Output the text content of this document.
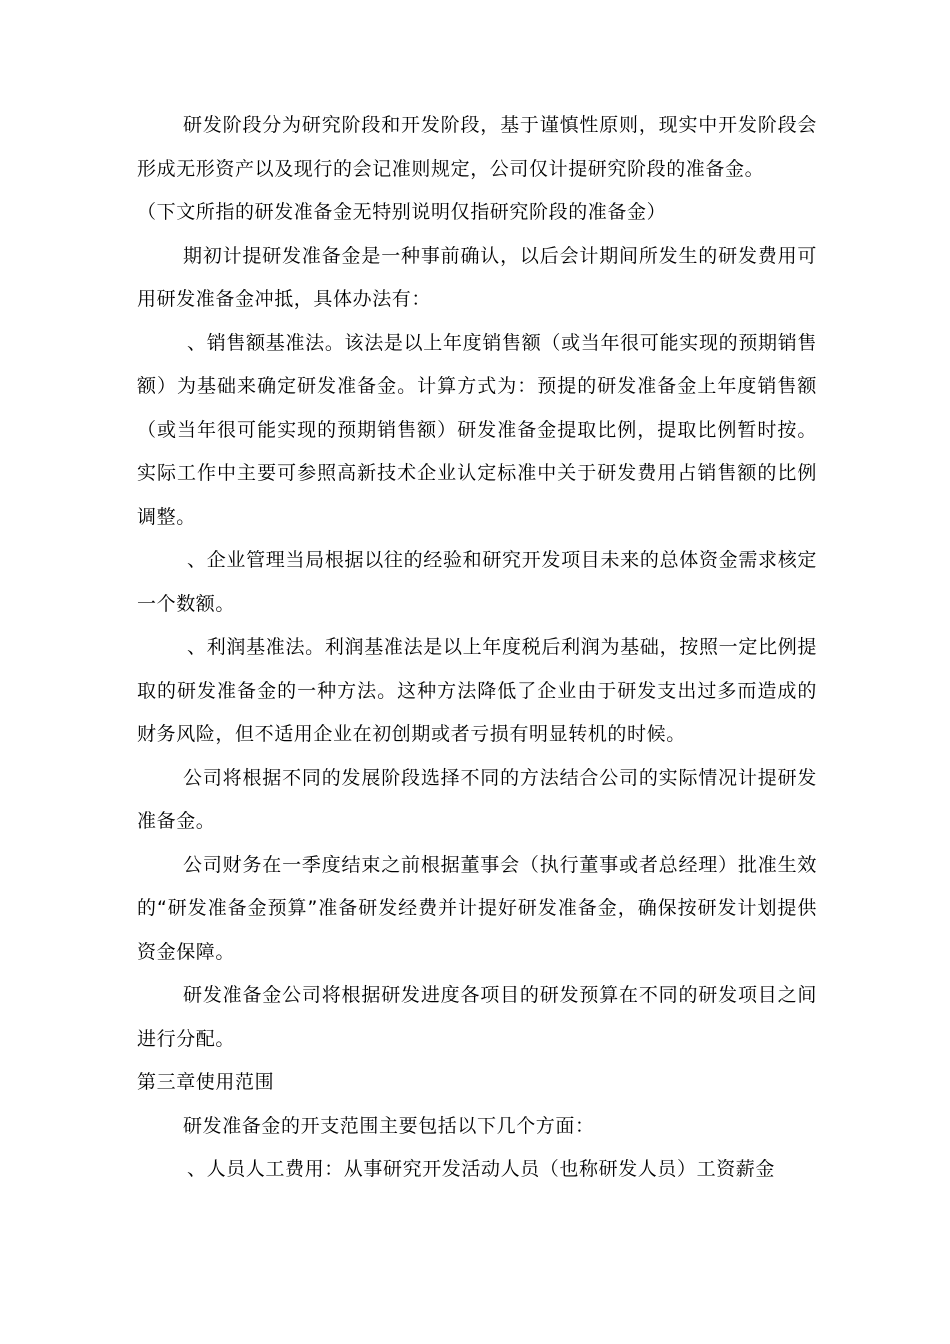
研发阶段分为研究阶段和开发阶段，基于谨慎性原则，现实中开发阶段会形成无形资产以及现行的会记准则规定，公司仅计提研究阶段的准备金。

（下文所指的研发准备金无特别说明仅指研究阶段的准备金）

期初计提研发准备金是一种事前确认，以后会计期间所发生的研发费用可用研发准备金冲抵，具体办法有：

、销售额基准法。该法是以上年度销售额（或当年很可能实现的预期销售额）为基础来确定研发准备金。计算方式为：预提的研发准备金上年度销售额（或当年很可能实现的预期销售额）研发准备金提取比例，提取比例暂时按。实际工作中主要可参照高新技术企业认定标准中关于研发费用占销售额的比例调整。

、企业管理当局根据以往的经验和研究开发项目未来的总体资金需求核定一个数额。

、利润基准法。利润基准法是以上年度税后利润为基础，按照一定比例提取的研发准备金的一种方法。这种方法降低了企业由于研发支出过多而造成的财务风险，但不适用企业在初创期或者亏损有明显转机的时候。

公司将根据不同的发展阶段选择不同的方法结合公司的实际情况计提研发准备金。

公司财务在一季度结束之前根据董事会（执行董事或者总经理）批准生效的“研发准备金预算”准备研发经费并计提好研发准备金，确保按研发计划提供资金保障。

研发准备金公司将根据研发进度各项目的研发预算在不同的研发项目之间进行分配。

第三章使用范围

研发准备金的开支范围主要包括以下几个方面：

、人员人工费用：从事研究开发活动人员（也称研发人员）工资薪金
